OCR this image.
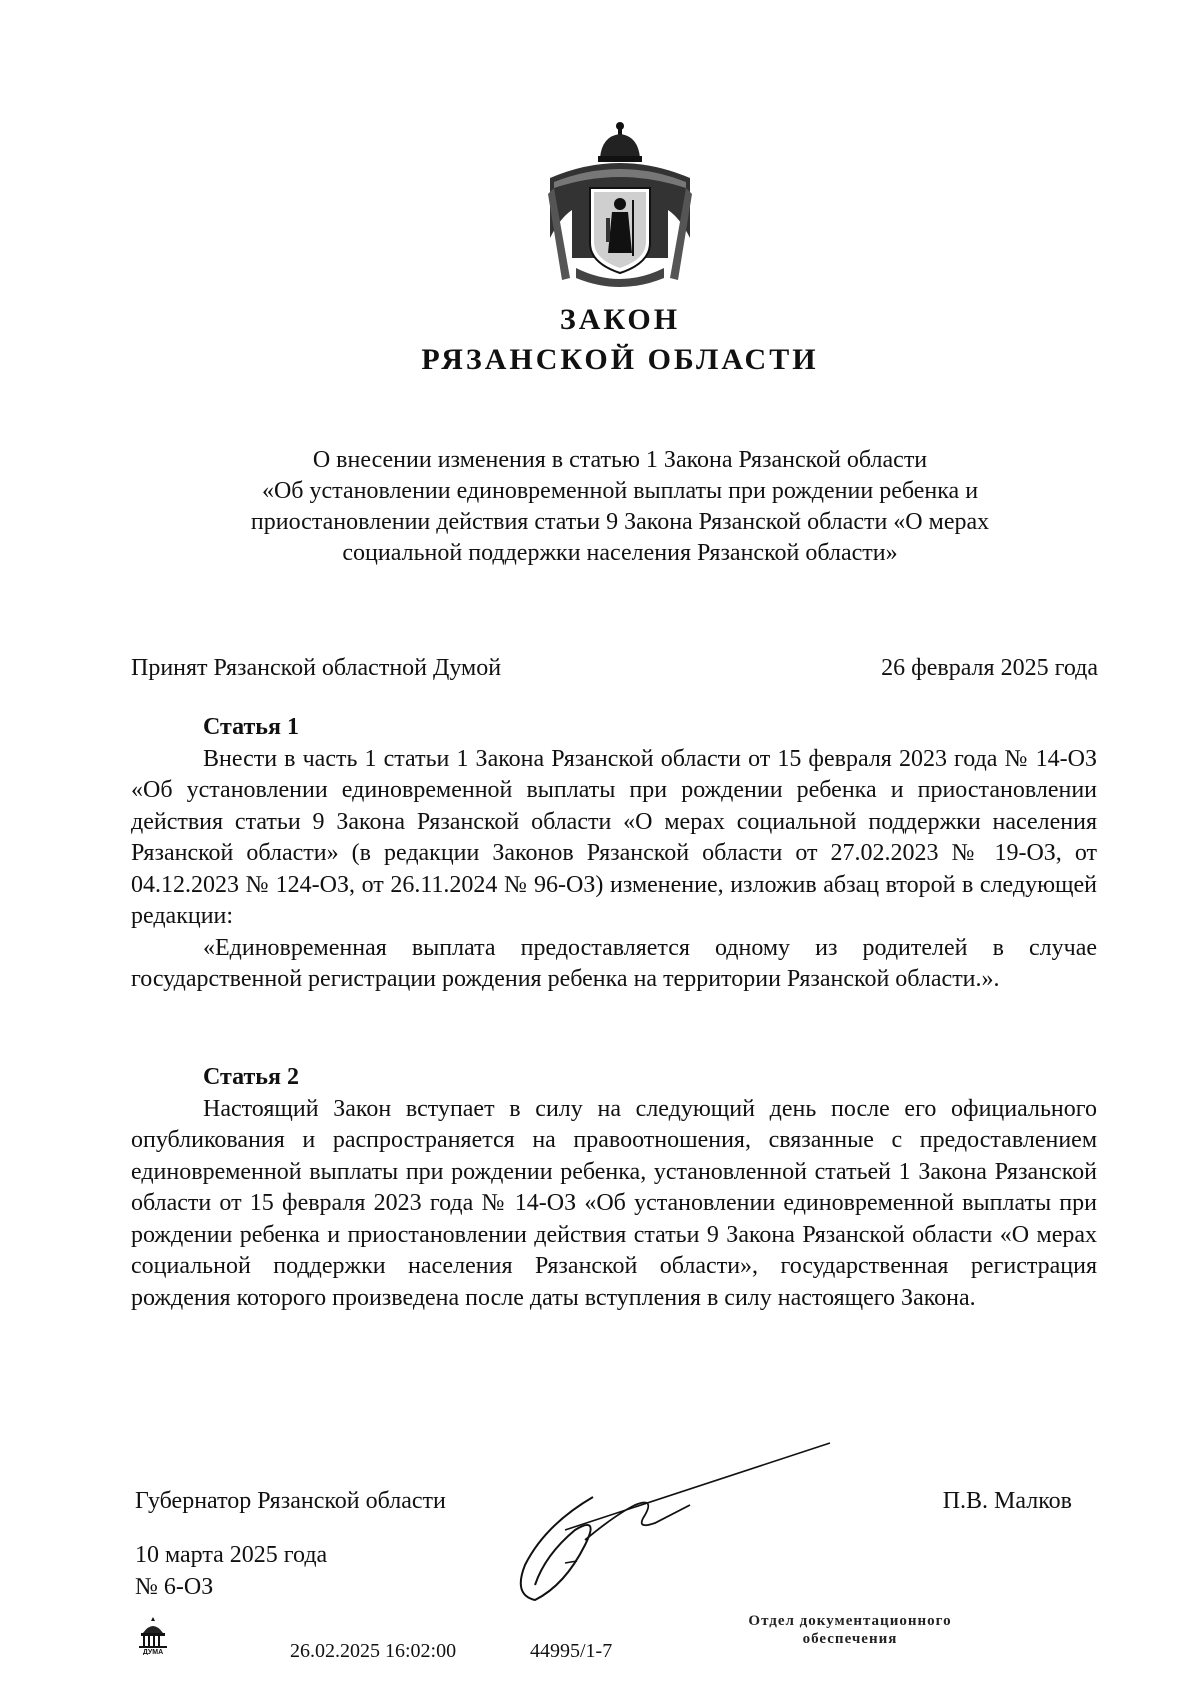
ЗАКОН
РЯЗАНСКОЙ ОБЛАСТИ
О внесении изменения в статью 1 Закона Рязанской области
«Об установлении единовременной выплаты при рождении ребенка и
приостановлении действия статьи 9 Закона Рязанской области «О мерах
социальной поддержки населения Рязанской области»
Принят Рязанской областной Думой	26 февраля 2025 года
Статья 1

Внести в часть 1 статьи 1 Закона Рязанской области от 15 февраля 2023 года № 14-ОЗ «Об установлении единовременной выплаты при рождении ребенка и приостановлении действия статьи 9 Закона Рязанской области «О мерах социальной поддержки населения Рязанской области» (в редакции Законов Рязанской области от 27.02.2023 № 19-ОЗ, от 04.12.2023 № 124-ОЗ, от 26.11.2024 № 96-ОЗ) изменение, изложив абзац второй в следующей редакции:

«Единовременная выплата предоставляется одному из родителей в случае государственной регистрации рождения ребенка на территории Рязанской области.».

Статья 2

Настоящий Закон вступает в силу на следующий день после его официального опубликования и распространяется на правоотношения, связанные с предоставлением единовременной выплаты при рождении ребенка, установленной статьей 1 Закона Рязанской области от 15 февраля 2023 года № 14-ОЗ «Об установлении единовременной выплаты при рождении ребенка и приостановлении действия статьи 9 Закона Рязанской области «О мерах социальной поддержки населения Рязанской области», государственная регистрация рождения которого произведена после даты вступления в силу настоящего Закона.

Губернатор Рязанской области	П.В. Малков
10 марта 2025 года
№ 6-ОЗ
ДУМА	26.02.2025 16:02:00	44995/1-7
Отдел документационного
обеспечения
